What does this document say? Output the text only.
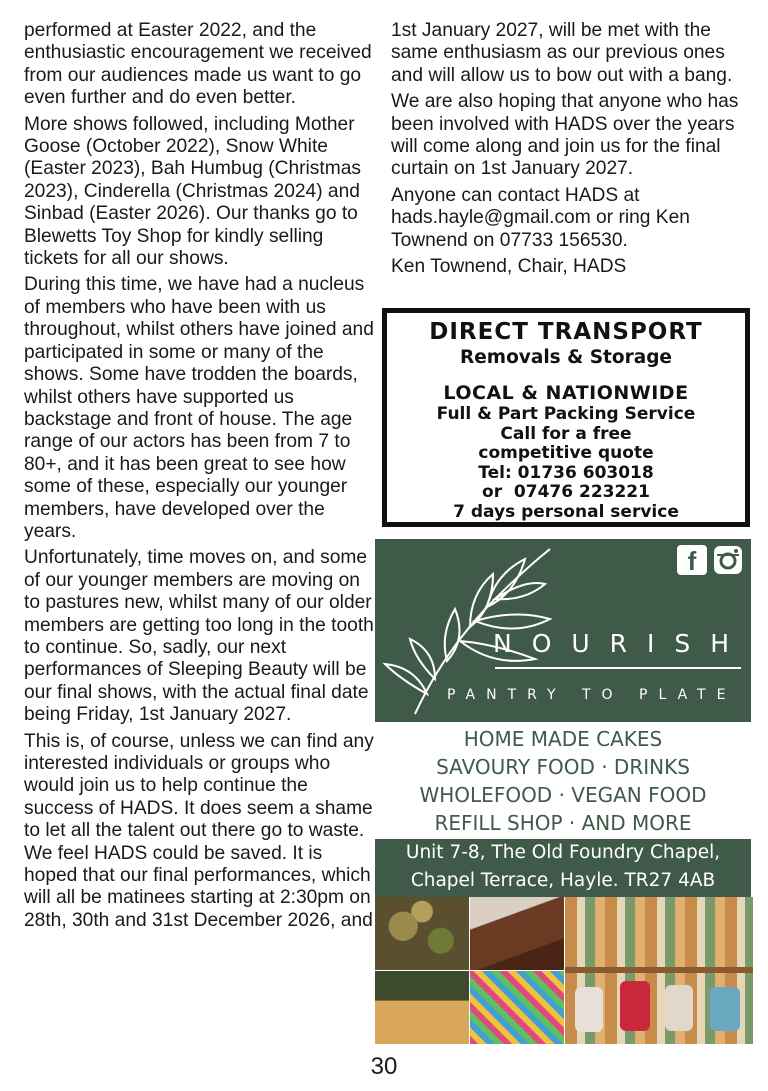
performed at Easter 2022, and the enthusiastic encouragement we received from our audiences made us want to go even further and do even better.

More shows followed, including Mother Goose (October 2022), Snow White (Easter 2023), Bah Humbug (Christmas 2023), Cinderella (Christmas 2024) and Sinbad (Easter 2026). Our thanks go to Blewetts Toy Shop for kindly selling tickets for all our shows.

During this time, we have had a nucleus of members who have been with us throughout, whilst others have joined and participated in some or many of the shows. Some have trodden the boards, whilst others have supported us backstage and front of house. The age range of our actors has been from 7 to 80+, and it has been great to see how some of these, especially our younger members, have developed over the years.

Unfortunately, time moves on, and some of our younger members are moving on to pastures new, whilst many of our older members are getting too long in the tooth to continue. So, sadly, our next performances of Sleeping Beauty will be our final shows, with the actual final date being Friday, 1st January 2027.

This is, of course, unless we can find any interested individuals or groups who would join us to help continue the success of HADS. It does seem a shame to let all the talent out there go to waste. We feel HADS could be saved. It is hoped that our final performances, which will all be matinees starting at 2:30pm on 28th, 30th and 31st December 2026, and

1st January 2027, will be met with the same enthusiasm as our previous ones and will allow us to bow out with a bang.

We are also hoping that anyone who has been involved with HADS over the years will come along and join us for the final curtain on 1st January 2027.

Anyone can contact HADS at hads.hayle@gmail.com or ring Ken Townend on 07733 156530.

Ken Townend, Chair, HADS

DIRECT TRANSPORT
Removals & Storage
LOCAL & NATIONWIDE
Full & Part Packing Service
Call for a free
competitive quote
Tel: 01736 603018
or  07476 223221
7 days personal service
f
NOURISH
PANTRY TO PLATE
HOME MADE CAKES
SAVOURY FOOD · DRINKS
WHOLEFOOD · VEGAN FOOD
REFILL SHOP · AND MORE
Unit 7-8, The Old Foundry Chapel,
Chapel Terrace, Hayle. TR27 4AB
30
